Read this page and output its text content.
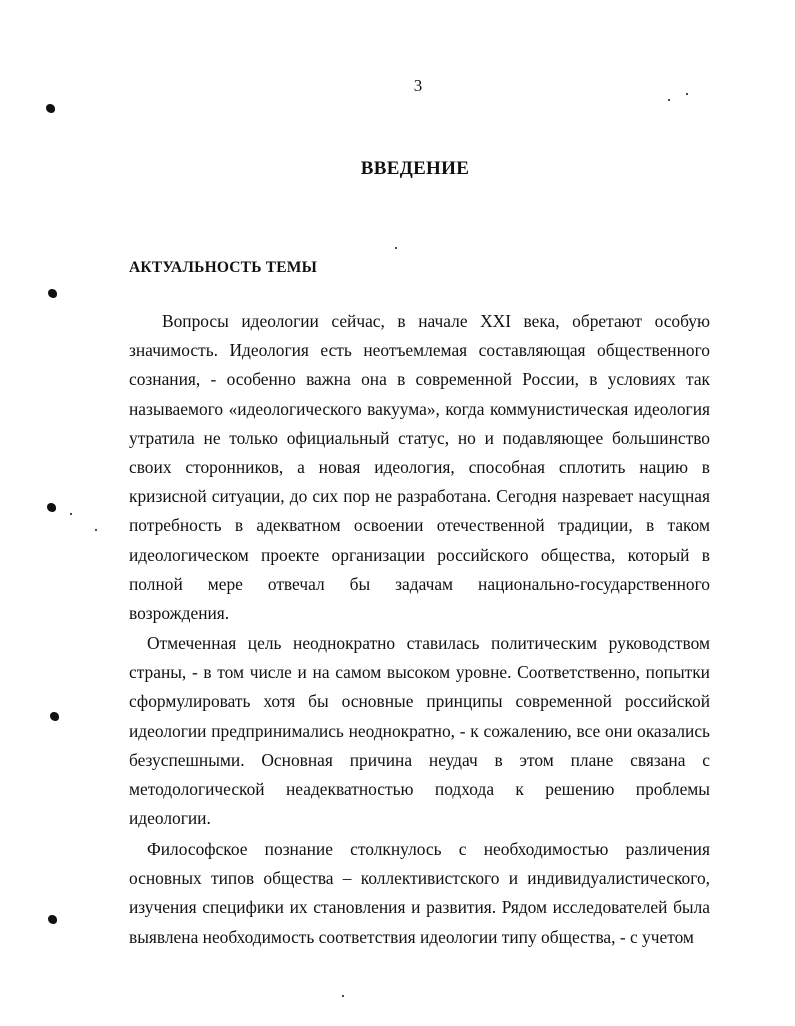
3
ВВЕДЕНИЕ
АКТУАЛЬНОСТЬ ТЕМЫ

Вопросы идеологии сейчас, в начале XXI века, обретают особую значимость. Идеология есть неотъемлемая составляющая общественного сознания, - особенно важна она в современной России, в условиях так называемого «идеологического вакуума», когда коммунистическая идеология утратила не только официальный статус, но и подавляющее большинство своих сторонников, а новая идеология, способная сплотить нацию в кризисной ситуации, до сих пор не разработана. Сегодня назревает насущная потребность в адекватном освоении отечественной традиции, в таком идеологическом проекте организации российского общества, который в полной мере отвечал бы задачам национально-государственного возрождения.

Отмеченная цель неоднократно ставилась политическим руководством страны, - в том числе и на самом высоком уровне. Соответственно, попытки сформулировать хотя бы основные принципы современной российской идеологии предпринимались неоднократно, - к сожалению, все они оказались безуспешными. Основная причина неудач в этом плане связана с методологической неадекватностью подхода к решению проблемы идеологии.

Философское познание столкнулось с необходимостью различения основных типов общества – коллективистского и индивидуалистического, изучения специфики их становления и развития. Рядом исследователей была выявлена необходимость соответствия идеологии типу общества, - с учетом
